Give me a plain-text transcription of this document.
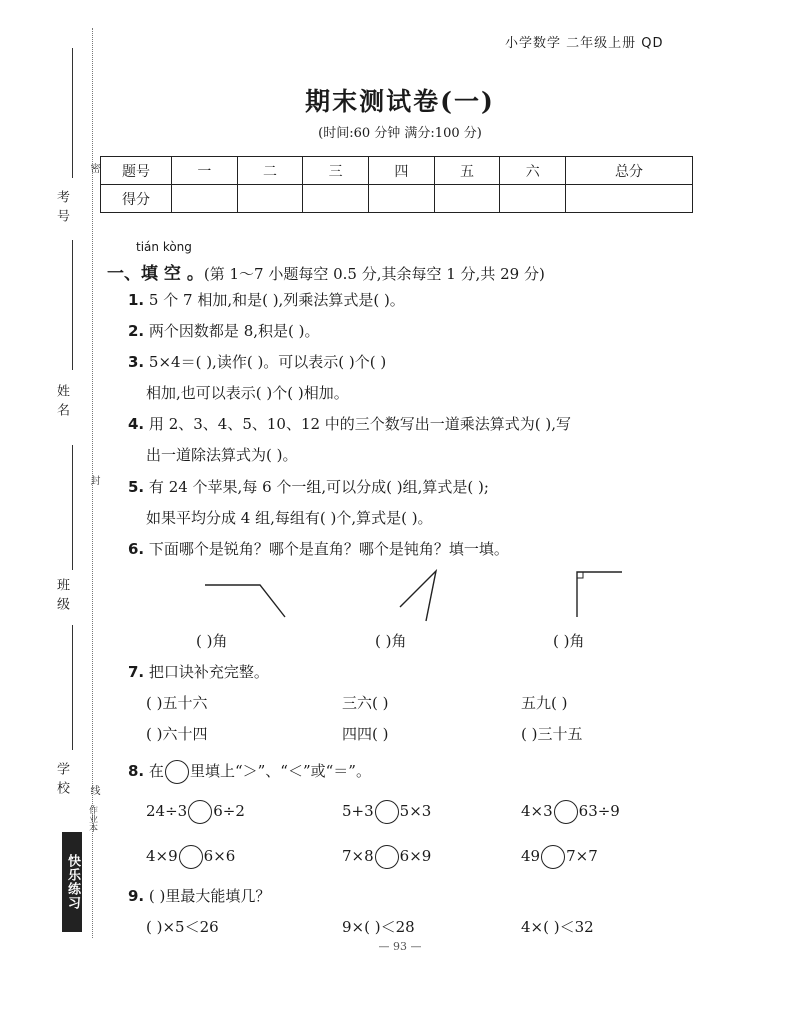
小学数学 二年级上册 QD
期末测试卷(一)
(时间:60 分钟 满分:100 分)
考号
姓名
班级
学校
密
封
线
快乐练习
作业本
题号	一	二	三	四	五	六	总分
得分							
tián kòng
一、填 空 。(第 1～7 小题每空 0.5 分,其余每空 1 分,共 29 分)
1. 5 个 7 相加,和是( ),列乘法算式是( )。
2. 两个因数都是 8,积是( )。
3. 5×4＝( ),读作( )。可以表示( )个( )
相加,也可以表示( )个( )相加。
4. 用 2、3、4、5、10、12 中的三个数写出一道乘法算式为( ),写
出一道除法算式为( )。
5. 有 24 个苹果,每 6 个一组,可以分成( )组,算式是( );
如果平均分成 4 组,每组有( )个,算式是( )。
6. 下面哪个是锐角？哪个是直角？哪个是钝角？填一填。
( )角	( )角	( )角
7. 把口诀补充完整。
( )五十六	三六( )	五九( )
( )六十四	四四( )	( )三十五
8. 在 里填上“＞”、“＜”或“＝”。
24÷3 6÷2	5+3 5×3	4×3 63÷9
4×9 6×6	7×8 6×9	49 7×7
9. ( )里最大能填几？
( )×5＜26	9×( )＜28	4×( )＜32
— 93 —
